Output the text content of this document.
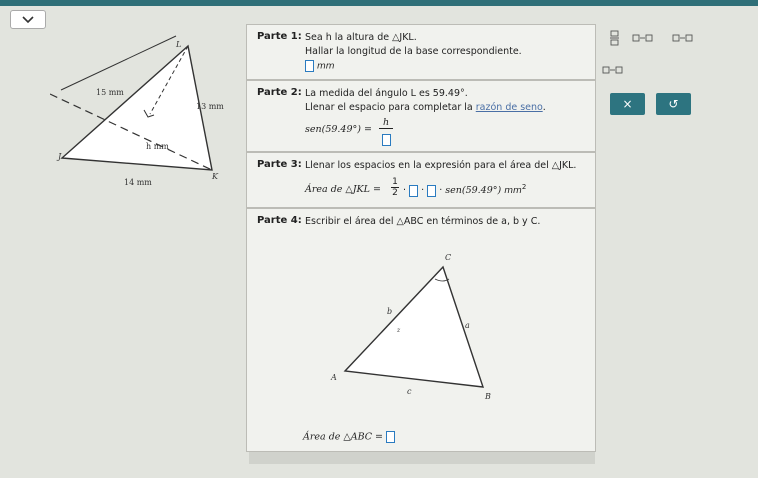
L
J
K
15 mm
13 mm
14 mm
h mm
Parte 1: Sea h la altura de △JKL.
Hallar la longitud de la base correspondiente.
mm
Parte 2: La medida del ángulo L es 59.49°.
Llenar el espacio para completar la razón de seno.
sen(59.49°) =
h
Parte 3: Llenar los espacios en la expresión para el área del △JKL.
Área de △JKL = $\frac{1}{2}$ · · · sen(59.49°) $mm^2$
Parte 4: Escribir el área del △ABC en términos de a, b y C.
C
A
B
b
a
c
z
Área de △ABC =
×	↺
